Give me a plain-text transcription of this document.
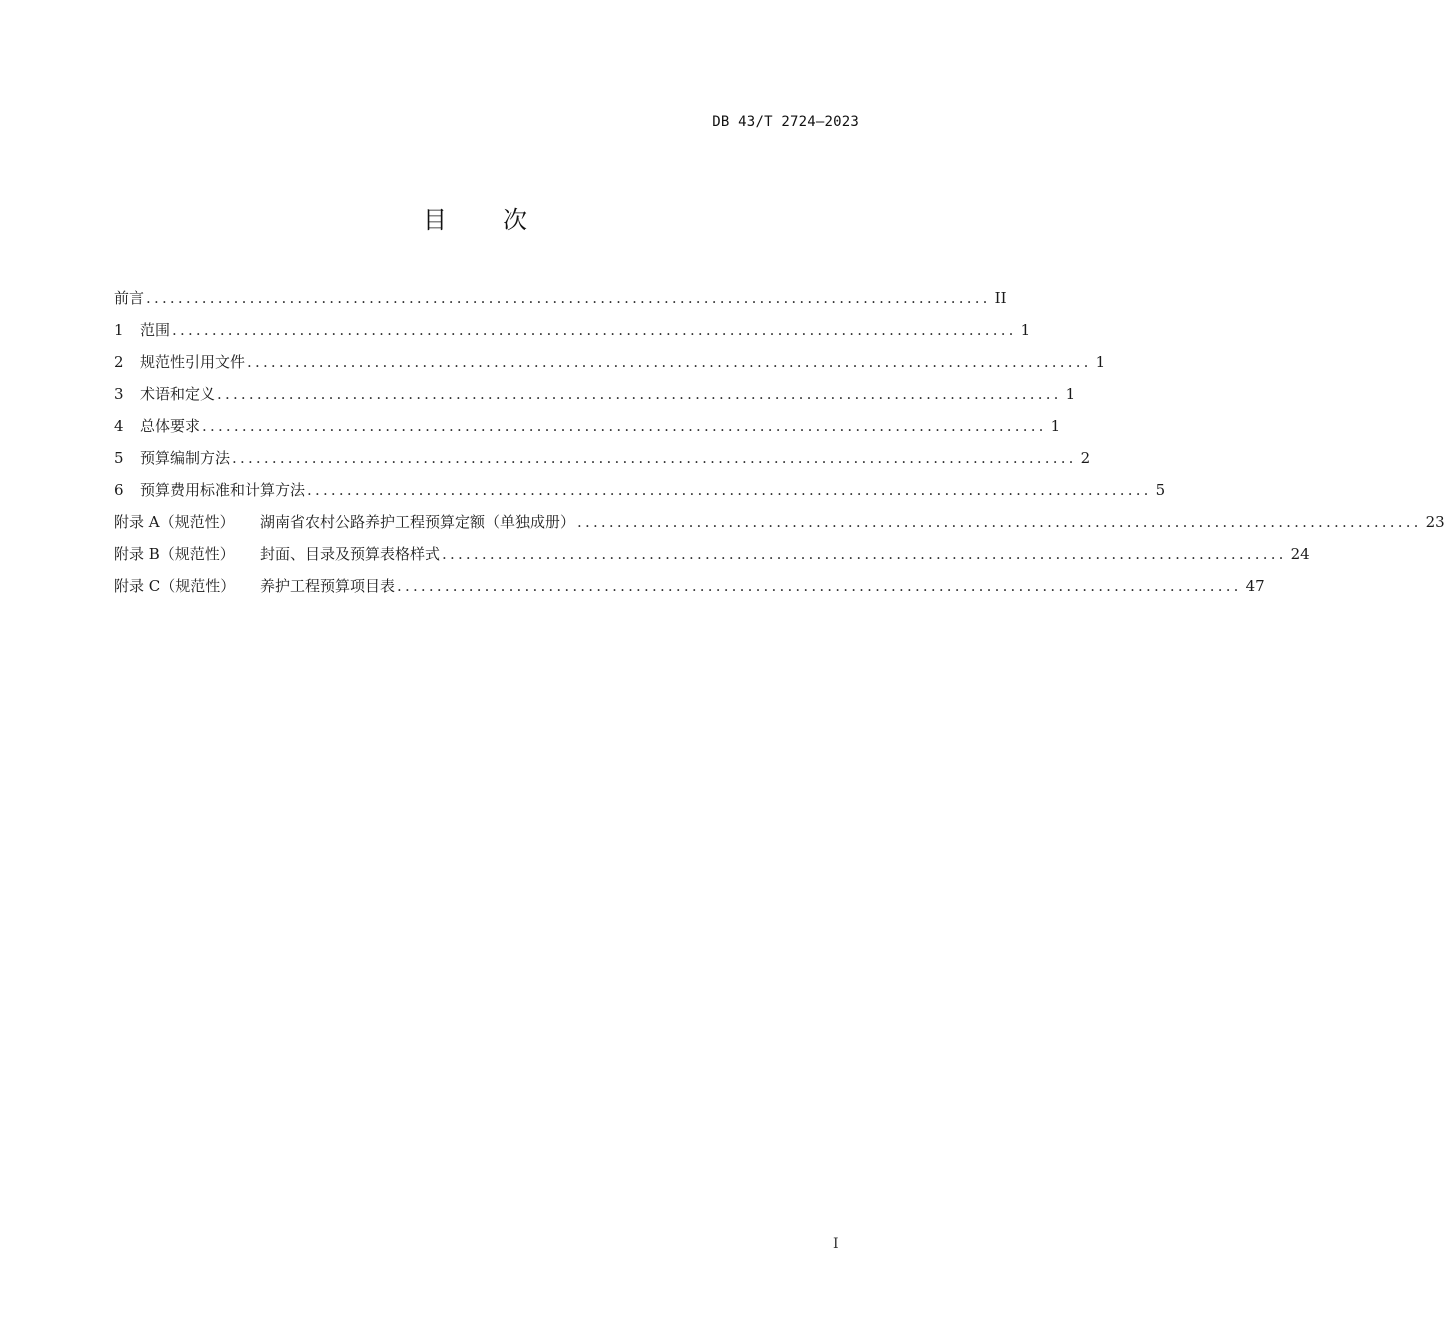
DB 43/T 2724—2023
目 次
前言 .......................................................................................................... II
1	范围 .......................................................................................................... 1
2	规范性引用文件 .......................................................................................................... 1
3	术语和定义 .......................................................................................................... 1
4	总体要求 .......................................................................................................... 1
5	预算编制方法 .......................................................................................................... 2
6	预算费用标准和计算方法 .......................................................................................................... 5
附录 A（规范性）	湖南省农村公路养护工程预算定额（单独成册） .......................................................................................................... 23
附录 B（规范性）	封面、目录及预算表格样式 .......................................................................................................... 24
附录 C（规范性）	养护工程预算项目表 .......................................................................................................... 47
I
